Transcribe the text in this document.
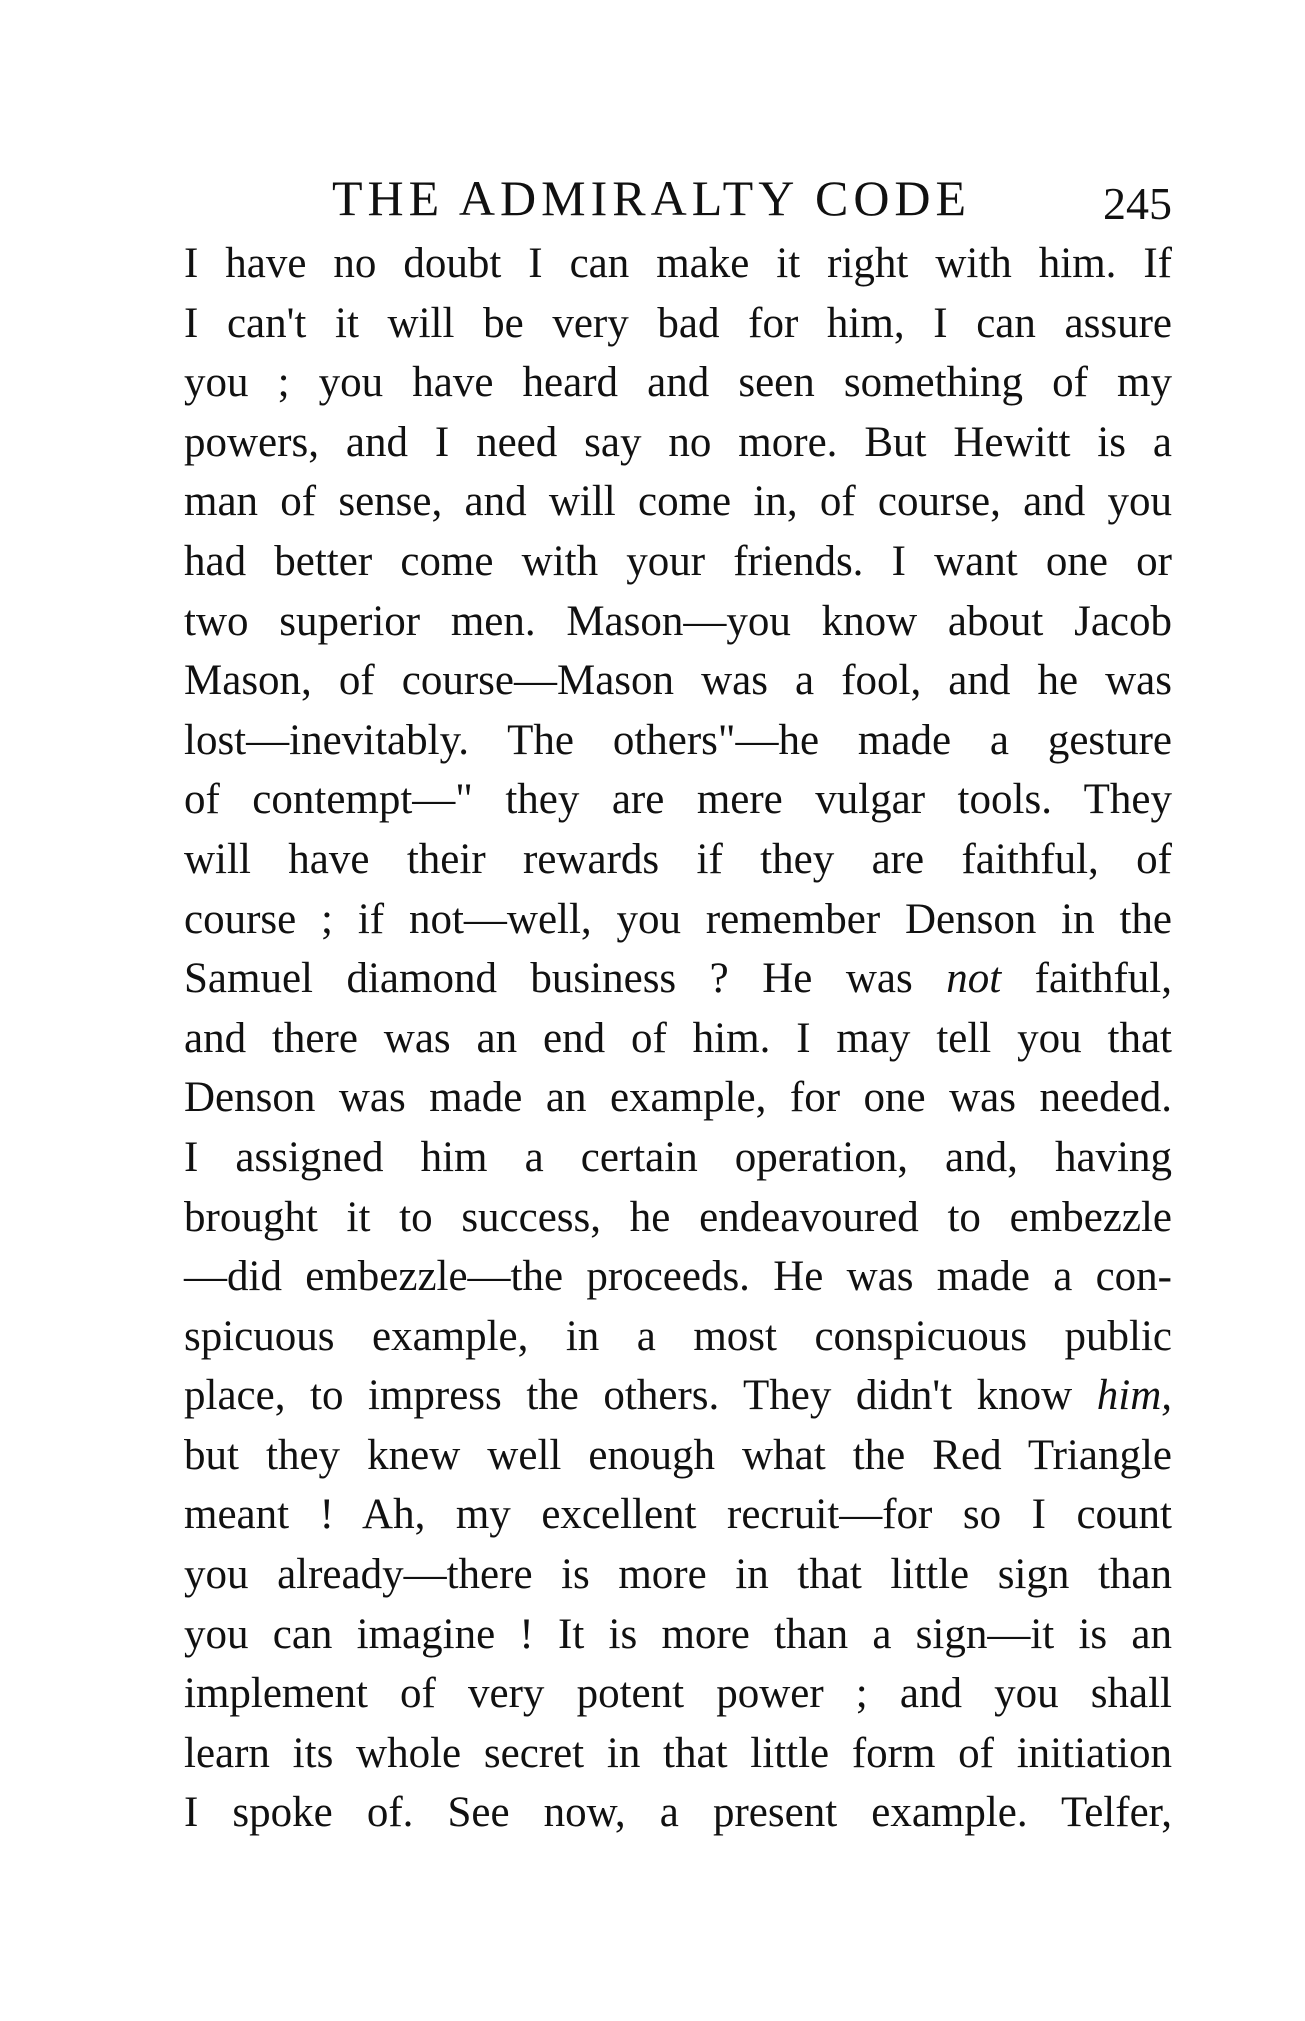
THE ADMIRALTY CODE	245
I have no doubt I can make it right with him. If
I can't it will be very bad for him, I can assure
you ; you have heard and seen something of my
powers, and I need say no more. But Hewitt is a
man of sense, and will come in, of course, and you
had better come with your friends. I want one or
two superior men. Mason—you know about Jacob
Mason, of course—Mason was a fool, and he was
lost—inevitably. The others"—he made a gesture
of contempt—" they are mere vulgar tools. They
will have their rewards if they are faithful, of
course ; if not—well, you remember Denson in the
Samuel diamond business ? He was not faithful,
and there was an end of him. I may tell you that
Denson was made an example, for one was needed.
I assigned him a certain operation, and, having
brought it to success, he endeavoured to embezzle
—did embezzle—the proceeds. He was made a con-
spicuous example, in a most conspicuous public
place, to impress the others. They didn't know him,
but they knew well enough what the Red Triangle
meant ! Ah, my excellent recruit—for so I count
you already—there is more in that little sign than
you can imagine ! It is more than a sign—it is an
implement of very potent power ; and you shall
learn its whole secret in that little form of initiation
I spoke of. See now, a present example. Telfer,
